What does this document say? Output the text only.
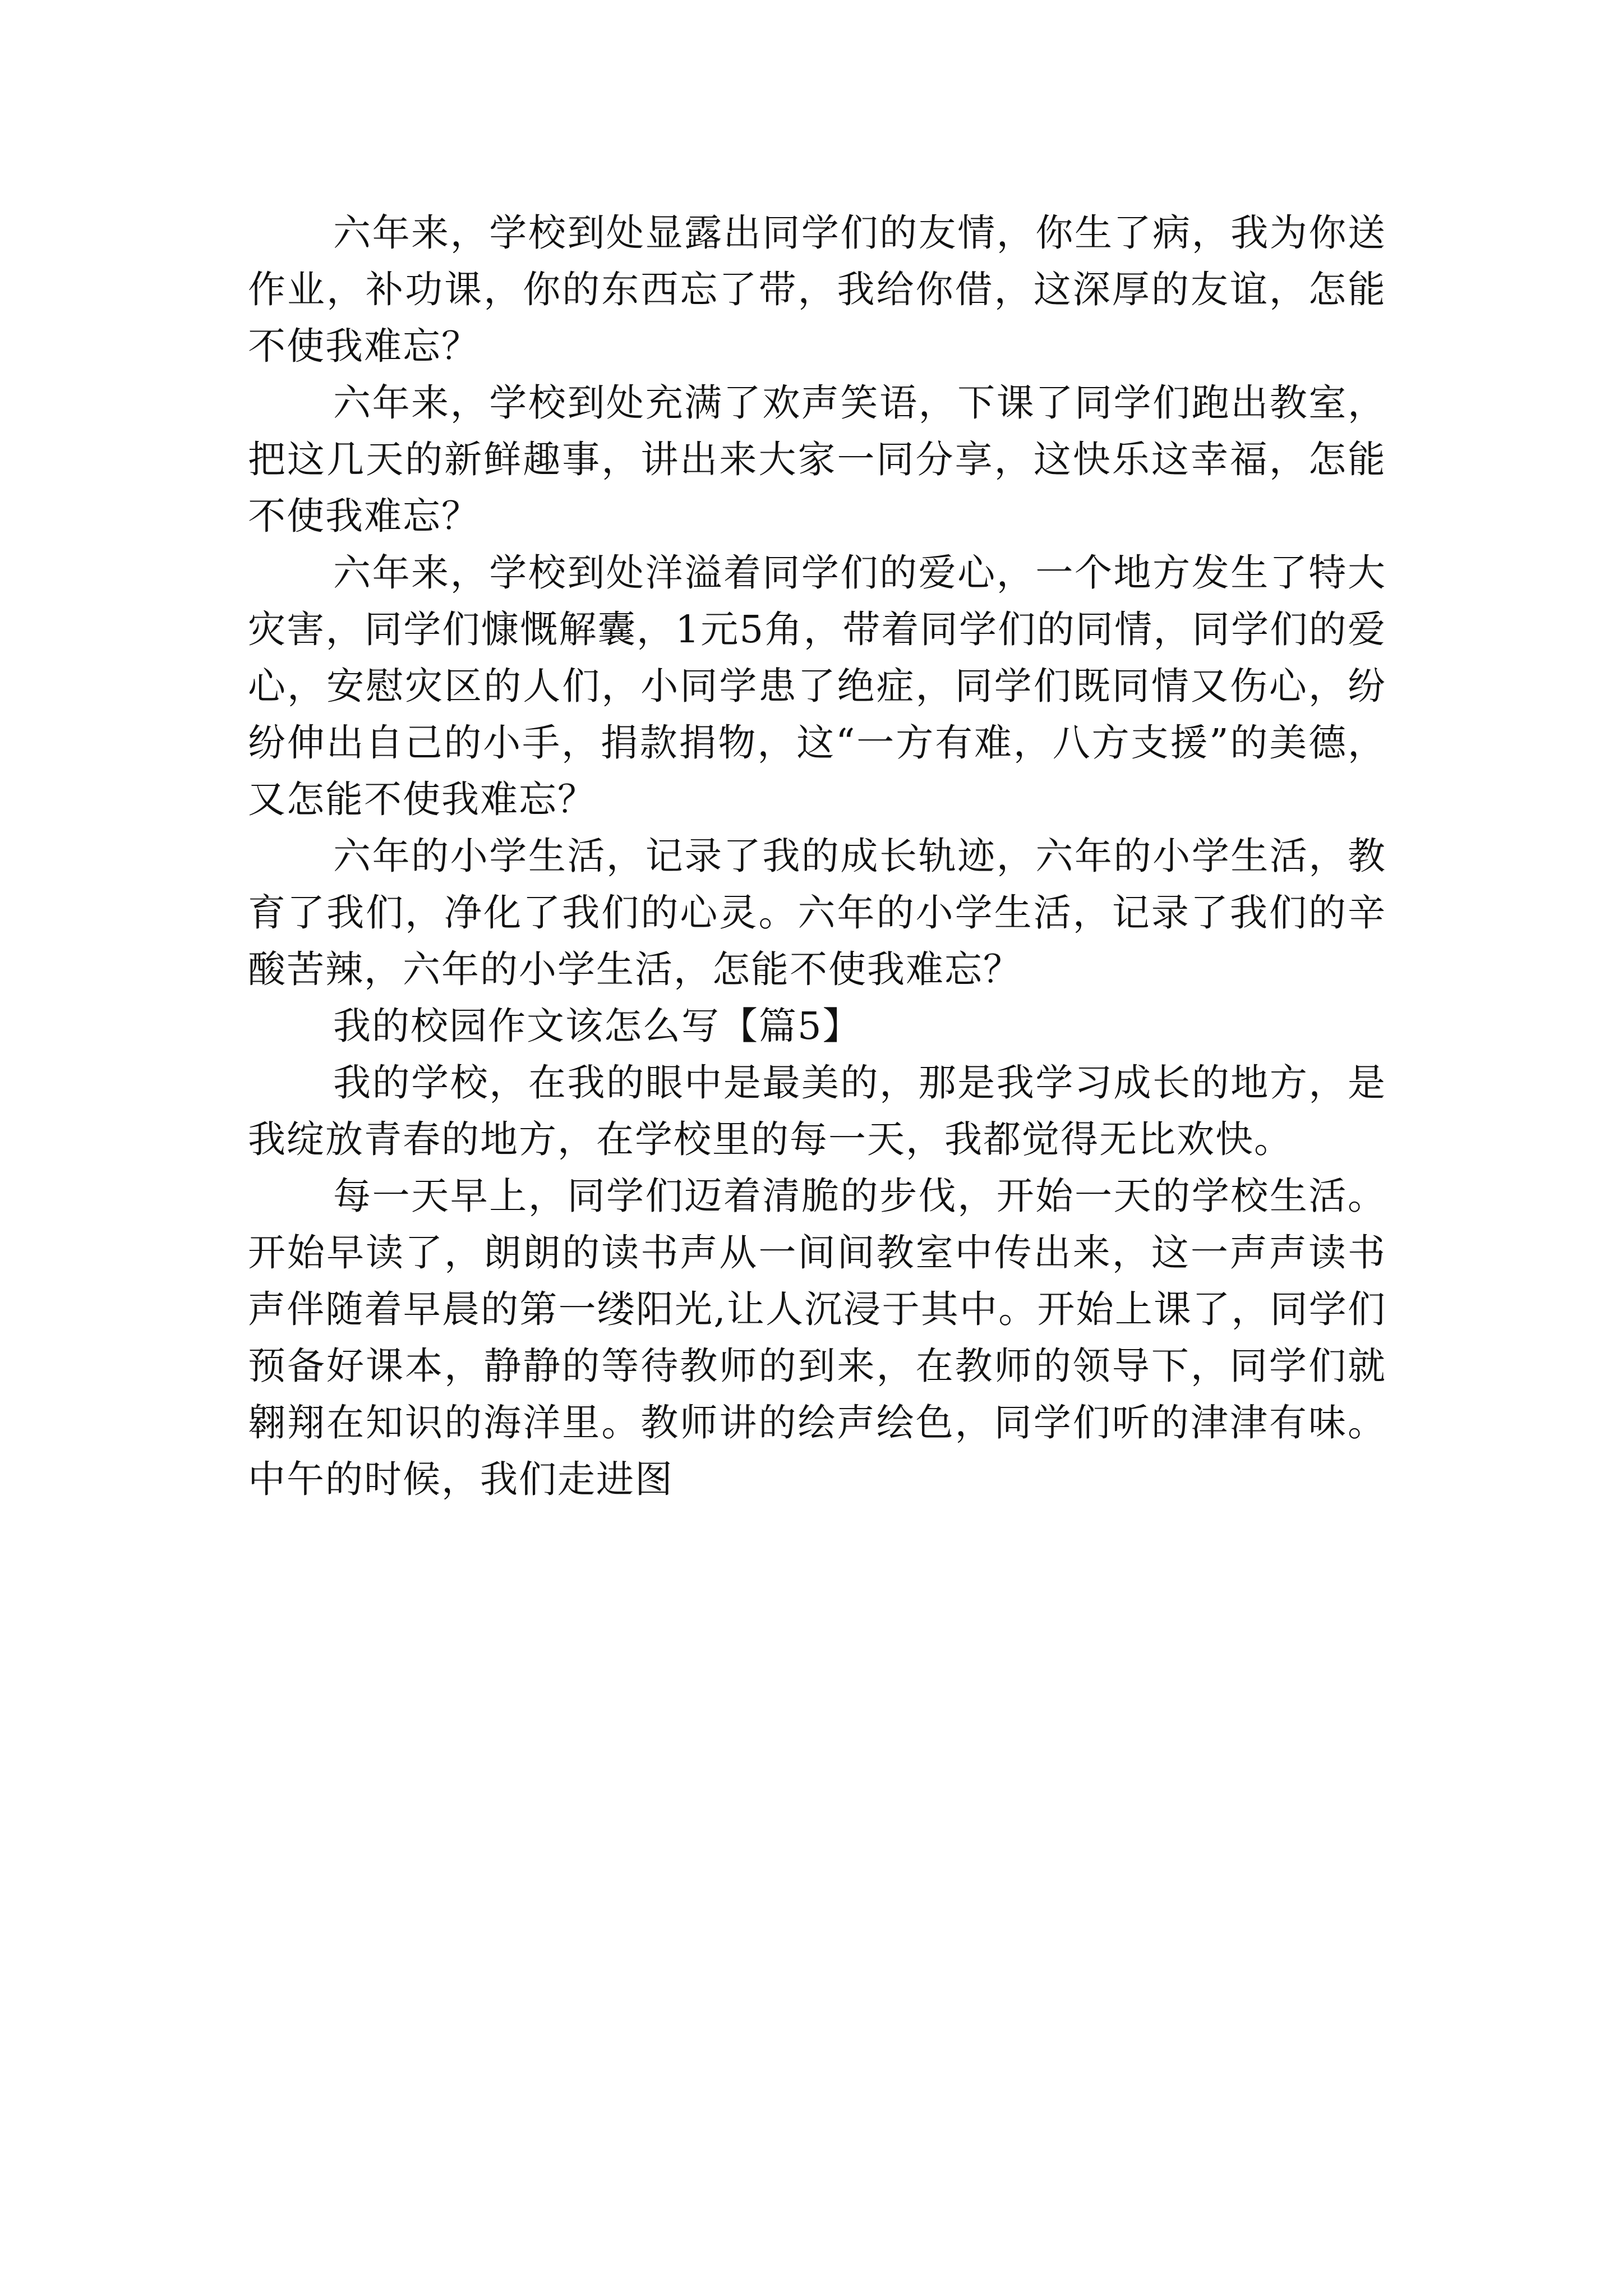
六年来，学校到处显露出同学们的友情，你生了病，我为你送作业，补功课，你的东西忘了带，我给你借，这深厚的友谊，怎能不使我难忘？

六年来，学校到处充满了欢声笑语，下课了同学们跑出教室，把这几天的新鲜趣事，讲出来大家一同分享，这快乐这幸福，怎能不使我难忘？

六年来，学校到处洋溢着同学们的爱心，一个地方发生了特大灾害，同学们慷慨解囊，1元5角，带着同学们的同情，同学们的爱心，安慰灾区的人们，小同学患了绝症，同学们既同情又伤心，纷纷伸出自己的小手，捐款捐物，这“一方有难，八方支援”的美德，又怎能不使我难忘？

六年的小学生活，记录了我的成长轨迹，六年的小学生活，教育了我们，净化了我们的心灵。六年的小学生活，记录了我们的辛酸苦辣，六年的小学生活，怎能不使我难忘？

我的校园作文该怎么写【篇5】

我的学校，在我的眼中是最美的，那是我学习成长的地方，是我绽放青春的地方，在学校里的每一天，我都觉得无比欢快。

每一天早上，同学们迈着清脆的步伐，开始一天的学校生活。开始早读了，朗朗的读书声从一间间教室中传出来，这一声声读书声伴随着早晨的第一缕阳光,让人沉浸于其中。开始上课了，同学们预备好课本，静静的等待教师的到来，在教师的领导下，同学们就翱翔在知识的海洋里。教师讲的绘声绘色，同学们听的津津有味。中午的时候，我们走进图
